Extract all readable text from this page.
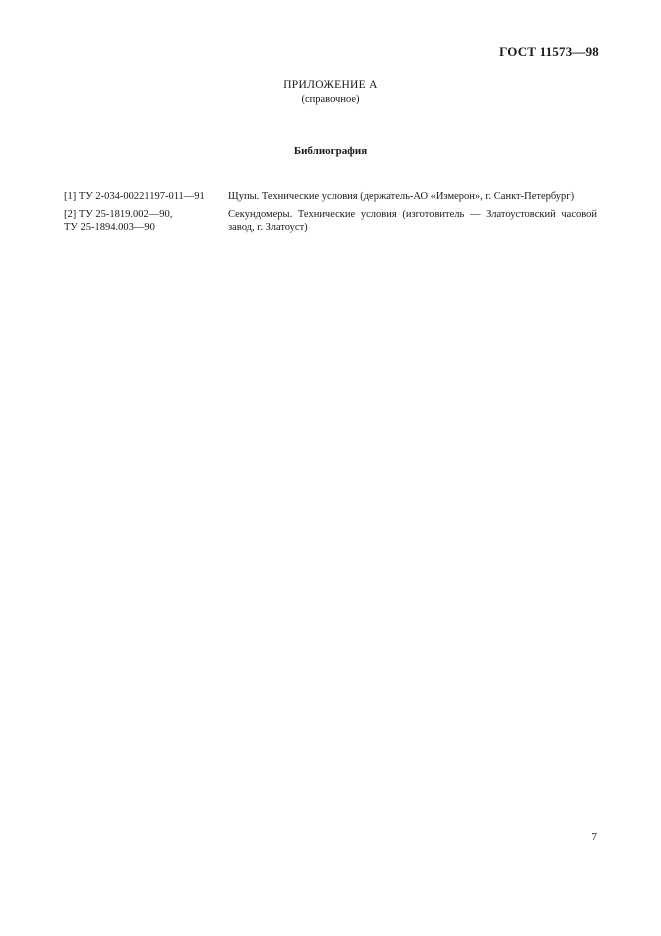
ГОСТ 11573—98
ПРИЛОЖЕНИЕ А
(справочное)
Библиография
[1] ТУ 2-034-00221197-011—91	Щупы. Технические условия (держатель-АО «Измерон», г. Санкт-Петербург)
[2] ТУ 25-1819.002—90,
ТУ 25-1894.003—90
Секундомеры. Технические условия (изготовитель — Златоустовский часовой завод, г. Златоуст)
7
